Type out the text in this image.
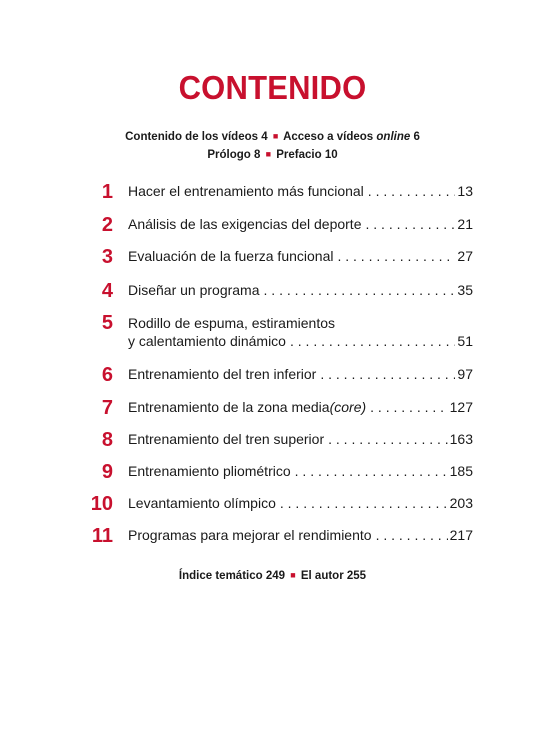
CONTENIDO
Contenido de los vídeos 4 ■ Acceso a vídeos online 6
Prólogo 8 ■ Prefacio 10
1 Hacer el entrenamiento más funcional . . .	13
2 Análisis de las exigencias del deporte . . .	21
3 Evaluación de la fuerza funcional . . .	27
4 Diseñar un programa . . .	35
5 Rodillo de espuma, estiramientos
y calentamiento dinámico . . .	51
6 Entrenamiento del tren inferior . . .	97
7 Entrenamiento de la zona media (core) . . .	127
8 Entrenamiento del tren superior . . .	163
9 Entrenamiento pliométrico . . .	185
10 Levantamiento olímpico . . .	203
11 Programas para mejorar el rendimiento . . .	217
Índice temático 249 ■ El autor 255
